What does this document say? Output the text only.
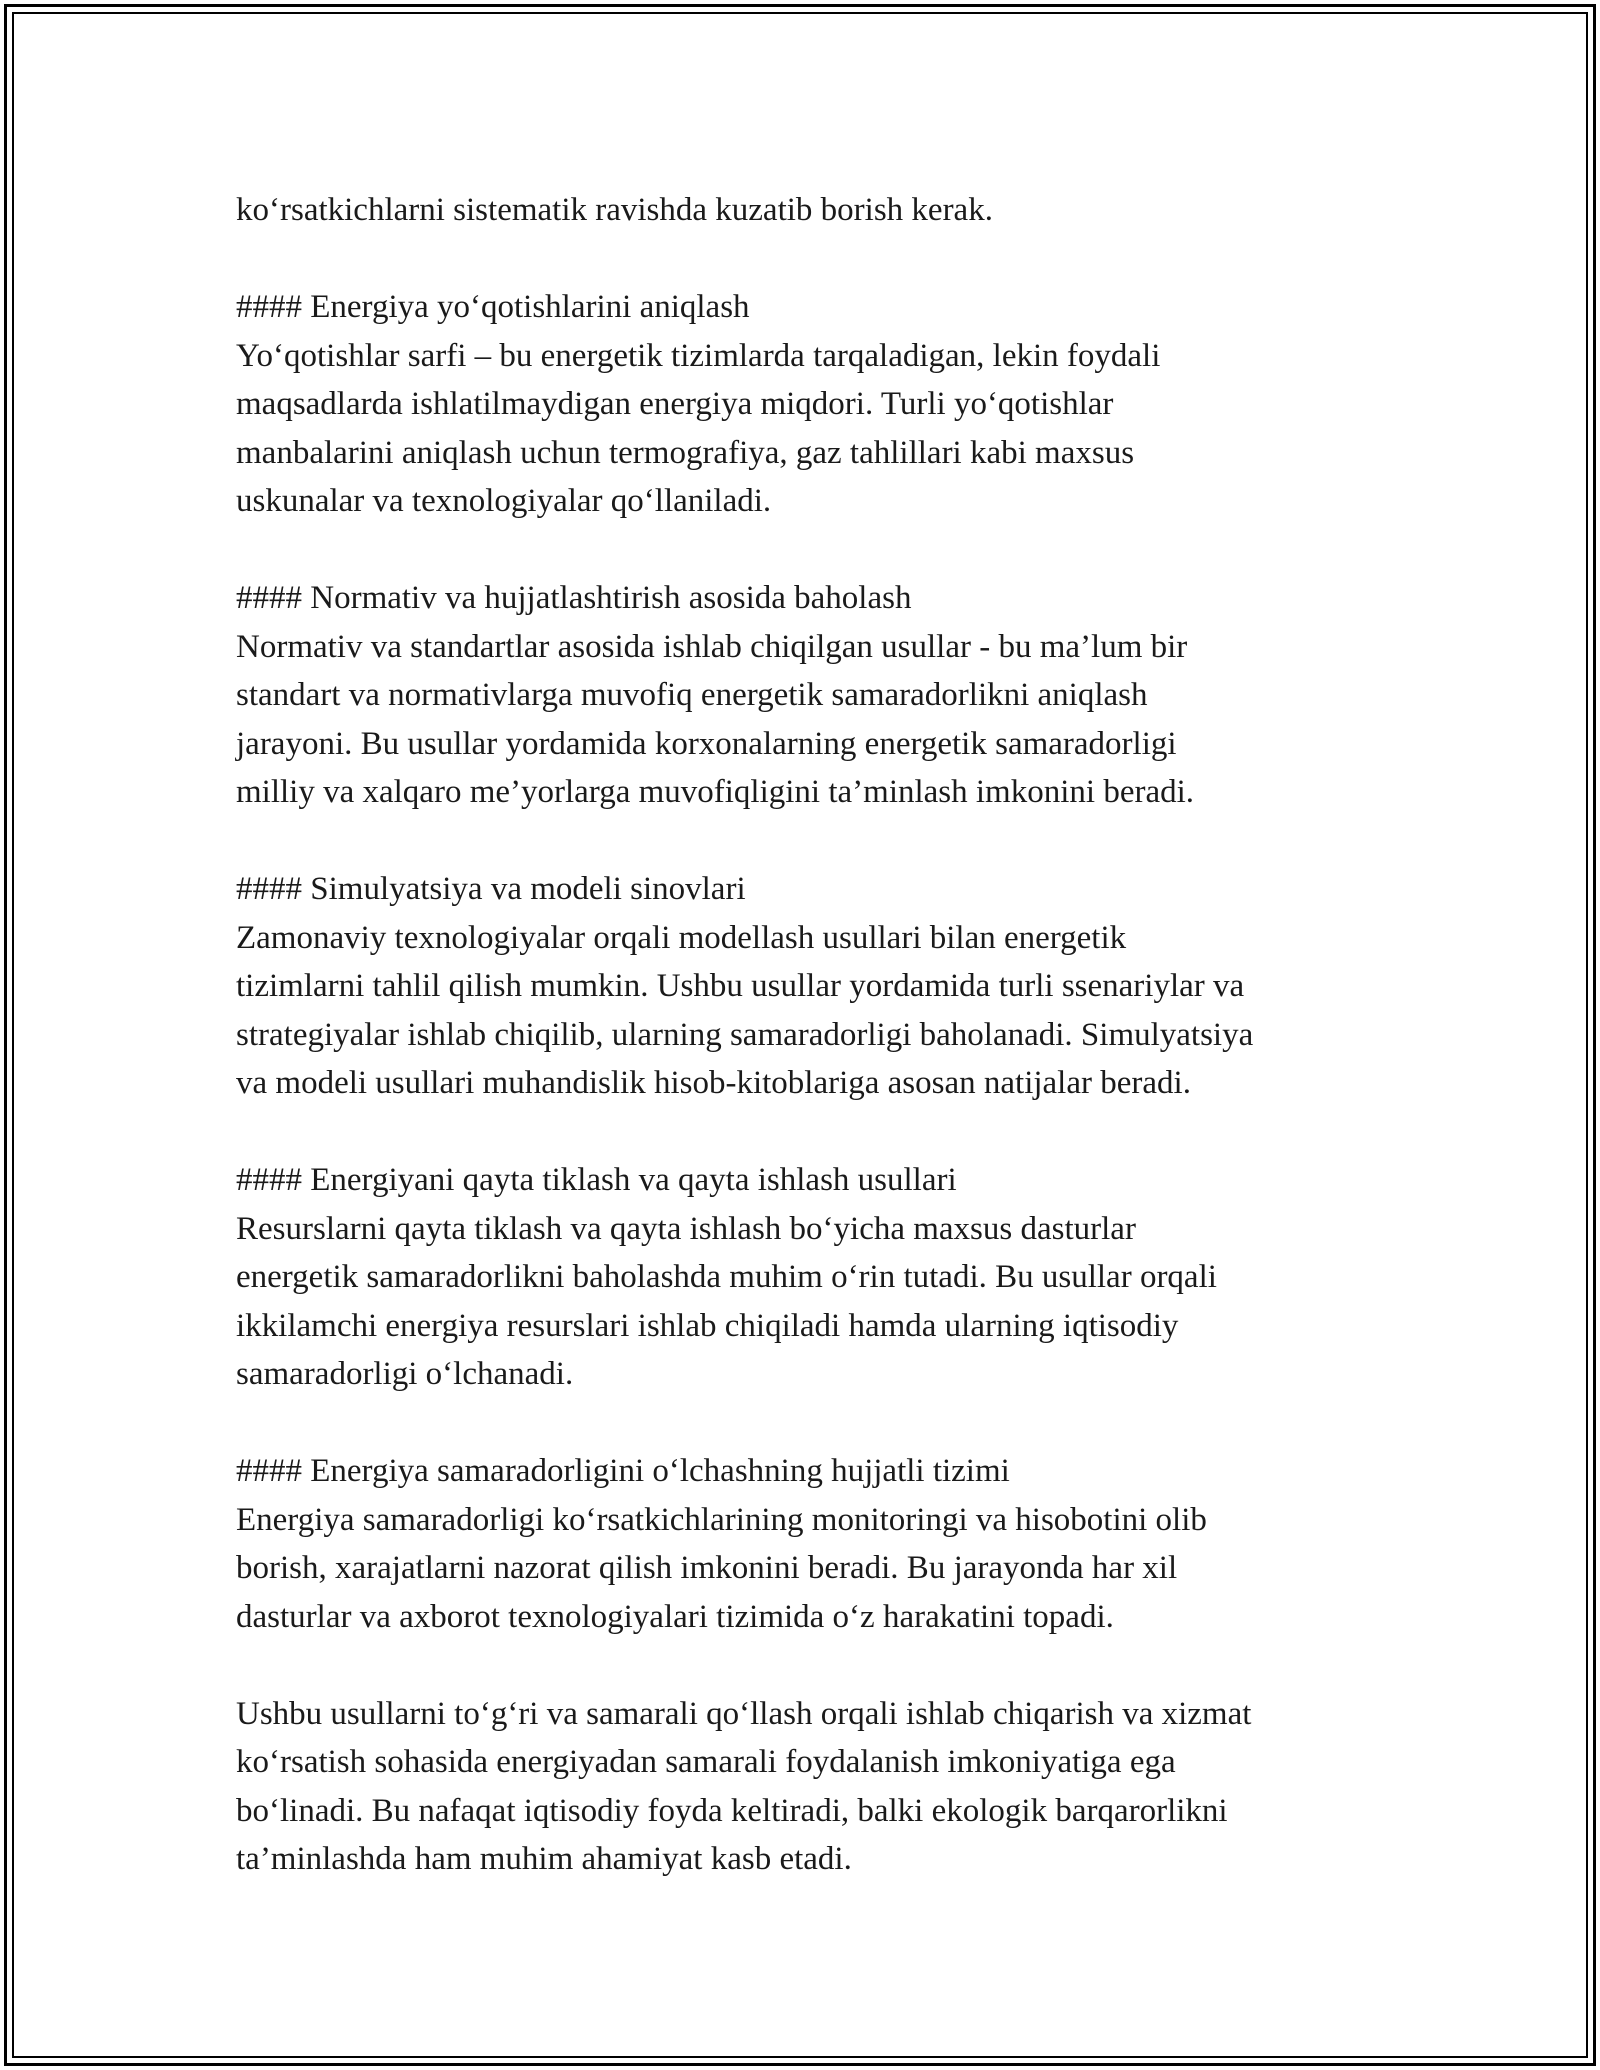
ko‘rsatkichlarni sistematik ravishda kuzatib borish kerak.

#### Energiya yo‘qotishlarini aniqlash
Yo‘qotishlar sarfi – bu energetik tizimlarda tarqaladigan, lekin foydali
maqsadlarda ishlatilmaydigan energiya miqdori. Turli yo‘qotishlar
manbalarini aniqlash uchun termografiya, gaz tahlillari kabi maxsus
uskunalar va texnologiyalar qo‘llaniladi.

#### Normativ va hujjatlashtirish asosida baholash
Normativ va standartlar asosida ishlab chiqilgan usullar - bu ma’lum bir
standart va normativlarga muvofiq energetik samaradorlikni aniqlash
jarayoni. Bu usullar yordamida korxonalarning energetik samaradorligi
milliy va xalqaro me’yorlarga muvofiqligini ta’minlash imkonini beradi.

#### Simulyatsiya va modeli sinovlari
Zamonaviy texnologiyalar orqali modellash usullari bilan energetik
tizimlarni tahlil qilish mumkin. Ushbu usullar yordamida turli ssenariylar va
strategiyalar ishlab chiqilib, ularning samaradorligi baholanadi. Simulyatsiya
va modeli usullari muhandislik hisob-kitoblariga asosan natijalar beradi.

#### Energiyani qayta tiklash va qayta ishlash usullari
Resurslarni qayta tiklash va qayta ishlash bo‘yicha maxsus dasturlar
energetik samaradorlikni baholashda muhim o‘rin tutadi. Bu usullar orqali
ikkilamchi energiya resurslari ishlab chiqiladi hamda ularning iqtisodiy
samaradorligi o‘lchanadi.

#### Energiya samaradorligini o‘lchashning hujjatli tizimi
Energiya samaradorligi ko‘rsatkichlarining monitoringi va hisobotini olib
borish, xarajatlarni nazorat qilish imkonini beradi. Bu jarayonda har xil
dasturlar va axborot texnologiyalari tizimida o‘z harakatini topadi.

Ushbu usullarni to‘g‘ri va samarali qo‘llash orqali ishlab chiqarish va xizmat
ko‘rsatish sohasida energiyadan samarali foydalanish imkoniyatiga ega
bo‘linadi. Bu nafaqat iqtisodiy foyda keltiradi, balki ekologik barqarorlikni
ta’minlashda ham muhim ahamiyat kasb etadi.
